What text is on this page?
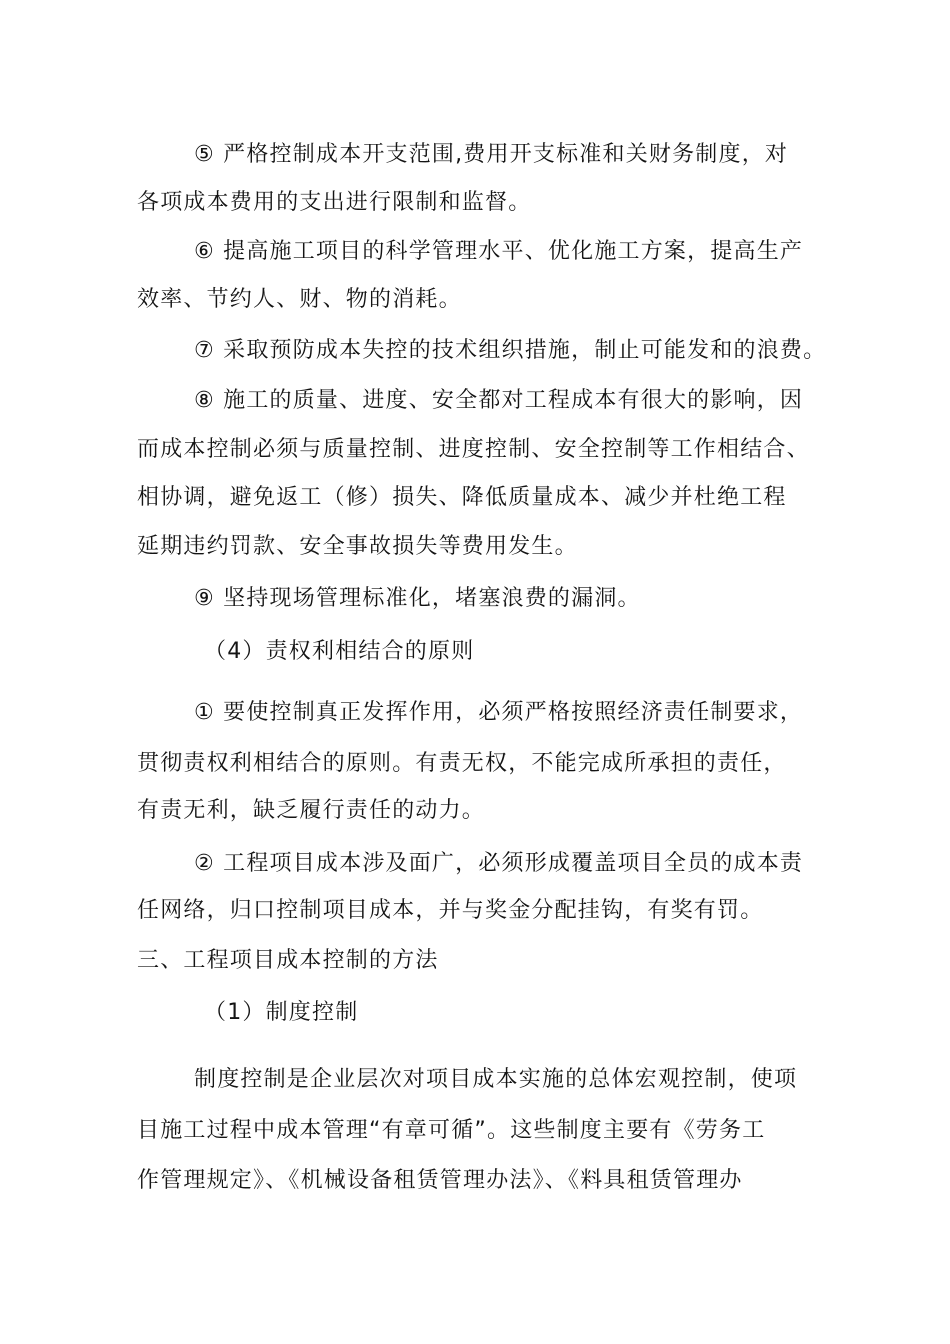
⑤ 严格控制成本开支范围,费用开支标准和关财务制度，对

各项成本费用的支出进行限制和监督。

⑥ 提高施工项目的科学管理水平、优化施工方案，提高生产

效率、节约人、财、物的消耗。

⑦ 采取预防成本失控的技术组织措施，制止可能发和的浪费。

⑧ 施工的质量、进度、安全都对工程成本有很大的影响，因

而成本控制必须与质量控制、进度控制、安全控制等工作相结合、

相协调，避免返工（修）损失、降低质量成本、减少并杜绝工程

延期违约罚款、安全事故损失等费用发生。

⑨ 坚持现场管理标准化，堵塞浪费的漏洞。

（4）责权利相结合的原则

① 要使控制真正发挥作用，必须严格按照经济责任制要求，

贯彻责权利相结合的原则。有责无权，不能完成所承担的责任，

有责无利，缺乏履行责任的动力。

② 工程项目成本涉及面广，必须形成覆盖项目全员的成本责

任网络，归口控制项目成本，并与奖金分配挂钩，有奖有罚。

三、工程项目成本控制的方法

（1）制度控制

制度控制是企业层次对项目成本实施的总体宏观控制，使项

目施工过程中成本管理“有章可循”。这些制度主要有《劳务工

作管理规定》、《机械设备租赁管理办法》、《料具租赁管理办
